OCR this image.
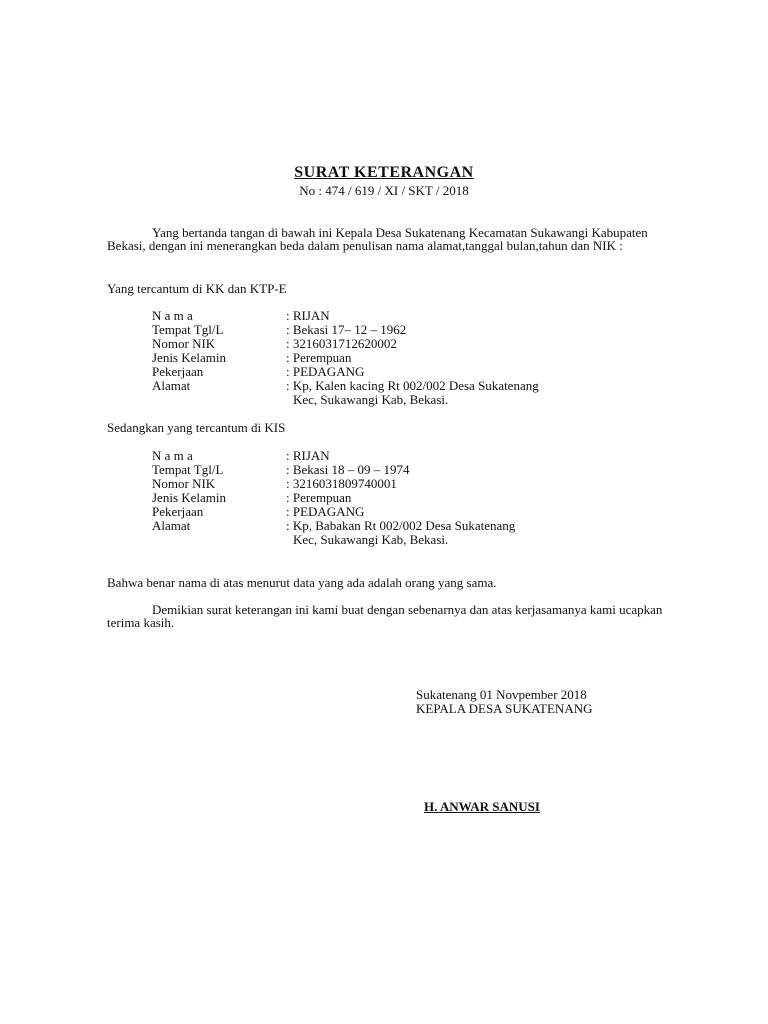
SURAT KETERANGAN
No : 474 / 619 / XI / SKT / 2018
Yang bertanda tangan di bawah ini Kepala Desa Sukatenang Kecamatan Sukawangi Kabupaten Bekasi, dengan ini menerangkan beda dalam penulisan nama alamat,tanggal bulan,tahun dan NIK :
Yang tercantum di KK dan KTP-E
N a m a	: RIJAN
Tempat Tgl/L	: Bekasi 17– 12 – 1962
Nomor NIK	: 3216031712620002
Jenis Kelamin	: Perempuan
Pekerjaan	: PEDAGANG
Alamat	: Kp, Kalen kacing Rt 002/002 Desa Sukatenang
Kec, Sukawangi Kab, Bekasi.
Sedangkan yang tercantum di KIS
N a m a	: RIJAN
Tempat Tgl/L	: Bekasi 18 – 09 – 1974
Nomor NIK	: 3216031809740001
Jenis Kelamin	: Perempuan
Pekerjaan	: PEDAGANG
Alamat	: Kp, Babakan Rt 002/002 Desa Sukatenang
Kec, Sukawangi Kab, Bekasi.
Bahwa benar nama di atas menurut data yang ada adalah orang yang sama.
Demikian surat keterangan ini kami buat dengan sebenarnya dan atas kerjasamanya kami ucapkan terima kasih.
Sukatenang 01 Novpember 2018
KEPALA DESA SUKATENANG
H. ANWAR SANUSI
